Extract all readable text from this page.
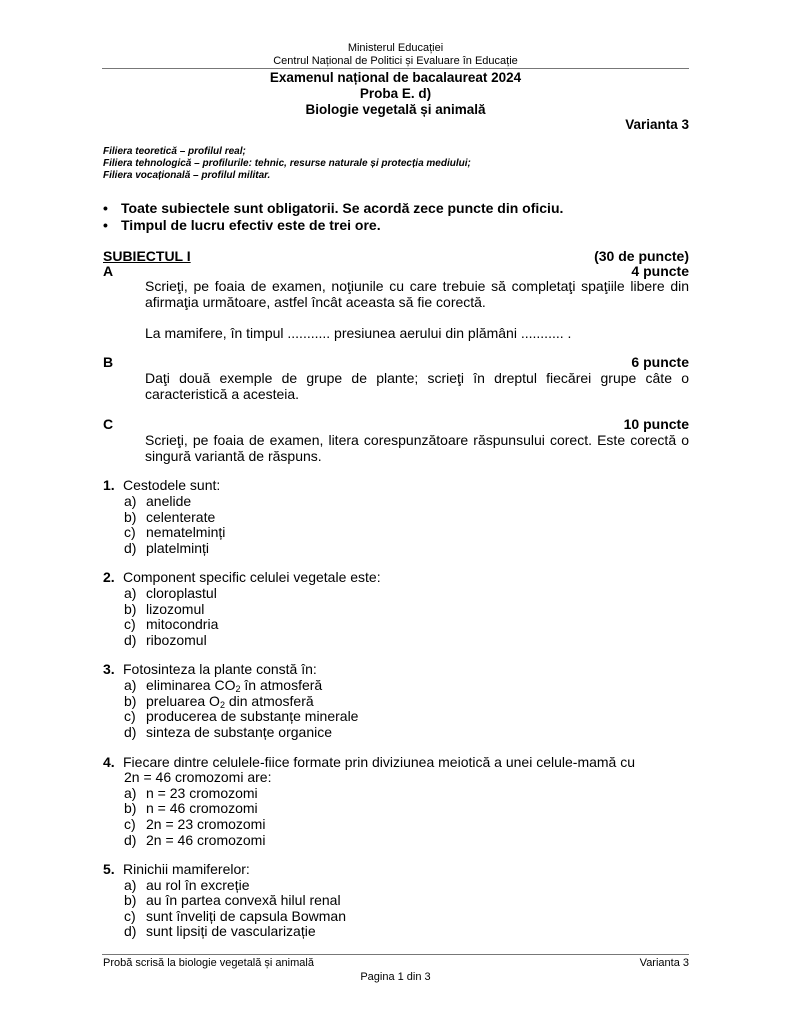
Ministerul Educației
Centrul Național de Politici și Evaluare în Educație
Examenul național de bacalaureat 2024
Proba E. d)
Biologie vegetală și animală
Varianta 3
Filiera teoretică – profilul real;
Filiera tehnologică – profilurile: tehnic, resurse naturale și protecția mediului;
Filiera vocațională – profilul militar.
• Toate subiectele sunt obligatorii. Se acordă zece puncte din oficiu.
• Timpul de lucru efectiv este de trei ore.
SUBIECTUL I	(30 de puncte)
A	4 puncte
Scrieţi, pe foaia de examen, noţiunile cu care trebuie să completaţi spaţiile libere din afirmaţia următoare, astfel încât aceasta să fie corectă.
La mamifere, în timpul ........... presiunea aerului din plămâni ........... .
B	6 puncte
Daţi două exemple de grupe de plante; scrieţi în dreptul fiecărei grupe câte o caracteristică a acesteia.
C	10 puncte
Scrieţi, pe foaia de examen, litera corespunzătoare răspunsului corect. Este corectă o singură variantă de răspuns.
1. Cestodele sunt:
a) anelide
b) celenterate
c) nematelminți
d) platelminți
2. Component specific celulei vegetale este:
a) cloroplastul
b) lizozomul
c) mitocondria
d) ribozomul
3. Fotosinteza la plante constă în:
a) eliminarea $CO_2$ în atmosferă
b) preluarea $O_2$ din atmosferă
c) producerea de substanțe minerale
d) sinteza de substanțe organice
4. Fiecare dintre celulele-fiice formate prin diviziunea meiotică a unei celule-mamă cu
2n = 46 cromozomi are:
a) n = 23 cromozomi
b) n = 46 cromozomi
c) 2n = 23 cromozomi
d) 2n = 46 cromozomi
5. Rinichii mamiferelor:
a) au rol în excreție
b) au în partea convexă hilul renal
c) sunt înveliți de capsula Bowman
d) sunt lipsiți de vascularizație
Probă scrisă la biologie vegetală și animală	Varianta 3
Pagina 1 din 3
